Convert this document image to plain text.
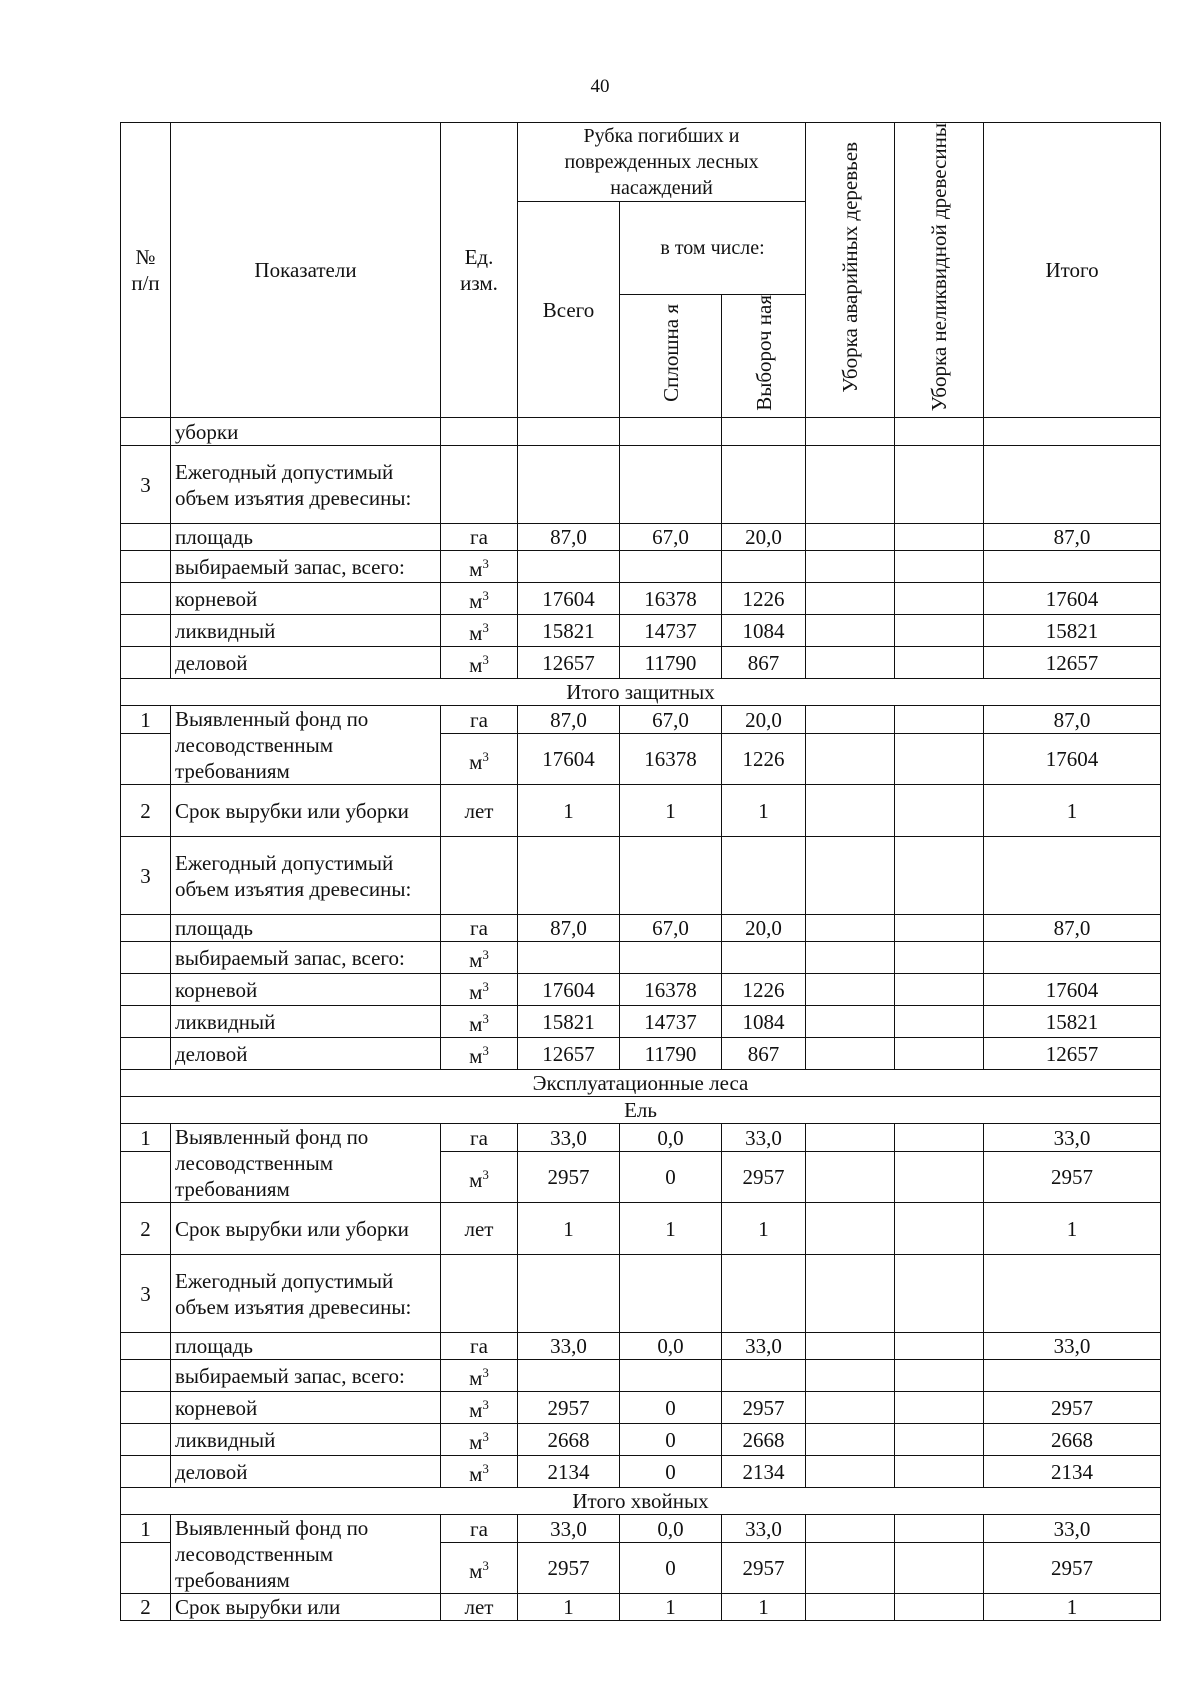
40
№ п/п	Показатели	Ед. изм.	Рубка погибших и поврежденных лесных насаждений			Уборка аварийных деревьев	Уборка неликвидной древесины	Итого
			Всего	в том числе:				
				Сплошна я	Выбороч ная			
	уборки							
3	Ежегодный допустимый объем изъятия древесины:							
	площадь	га	87,0	67,0	20,0			87,0
	выбираемый запас, всего:	$м^3$						
	корневой	$м^3$	17604	16378	1226			17604
	ликвидный	$м^3$	15821	14737	1084			15821
	деловой	$м^3$	12657	11790	867			12657
Итого защитных								
1	Выявленный фонд по лесоводственным требованиям	га	87,0	67,0	20,0			87,0
		$м^3$	17604	16378	1226			17604
2	Срок вырубки или уборки	лет	1	1	1			1
3	Ежегодный допустимый объем изъятия древесины:							
	площадь	га	87,0	67,0	20,0			87,0
	выбираемый запас, всего:	$м^3$						
	корневой	$м^3$	17604	16378	1226			17604
	ликвидный	$м^3$	15821	14737	1084			15821
	деловой	$м^3$	12657	11790	867			12657
Эксплуатационные леса								
Ель								
1	Выявленный фонд по лесоводственным требованиям	га	33,0	0,0	33,0			33,0
		$м^3$	2957	0	2957			2957
2	Срок вырубки или уборки	лет	1	1	1			1
3	Ежегодный допустимый объем изъятия древесины:							
	площадь	га	33,0	0,0	33,0			33,0
	выбираемый запас, всего:	$м^3$						
	корневой	$м^3$	2957	0	2957			2957
	ликвидный	$м^3$	2668	0	2668			2668
	деловой	$м^3$	2134	0	2134			2134
Итого хвойных								
1	Выявленный фонд по лесоводственным требованиям	га	33,0	0,0	33,0			33,0
		$м^3$	2957	0	2957			2957
2	Срок вырубки или	лет	1	1	1			1
